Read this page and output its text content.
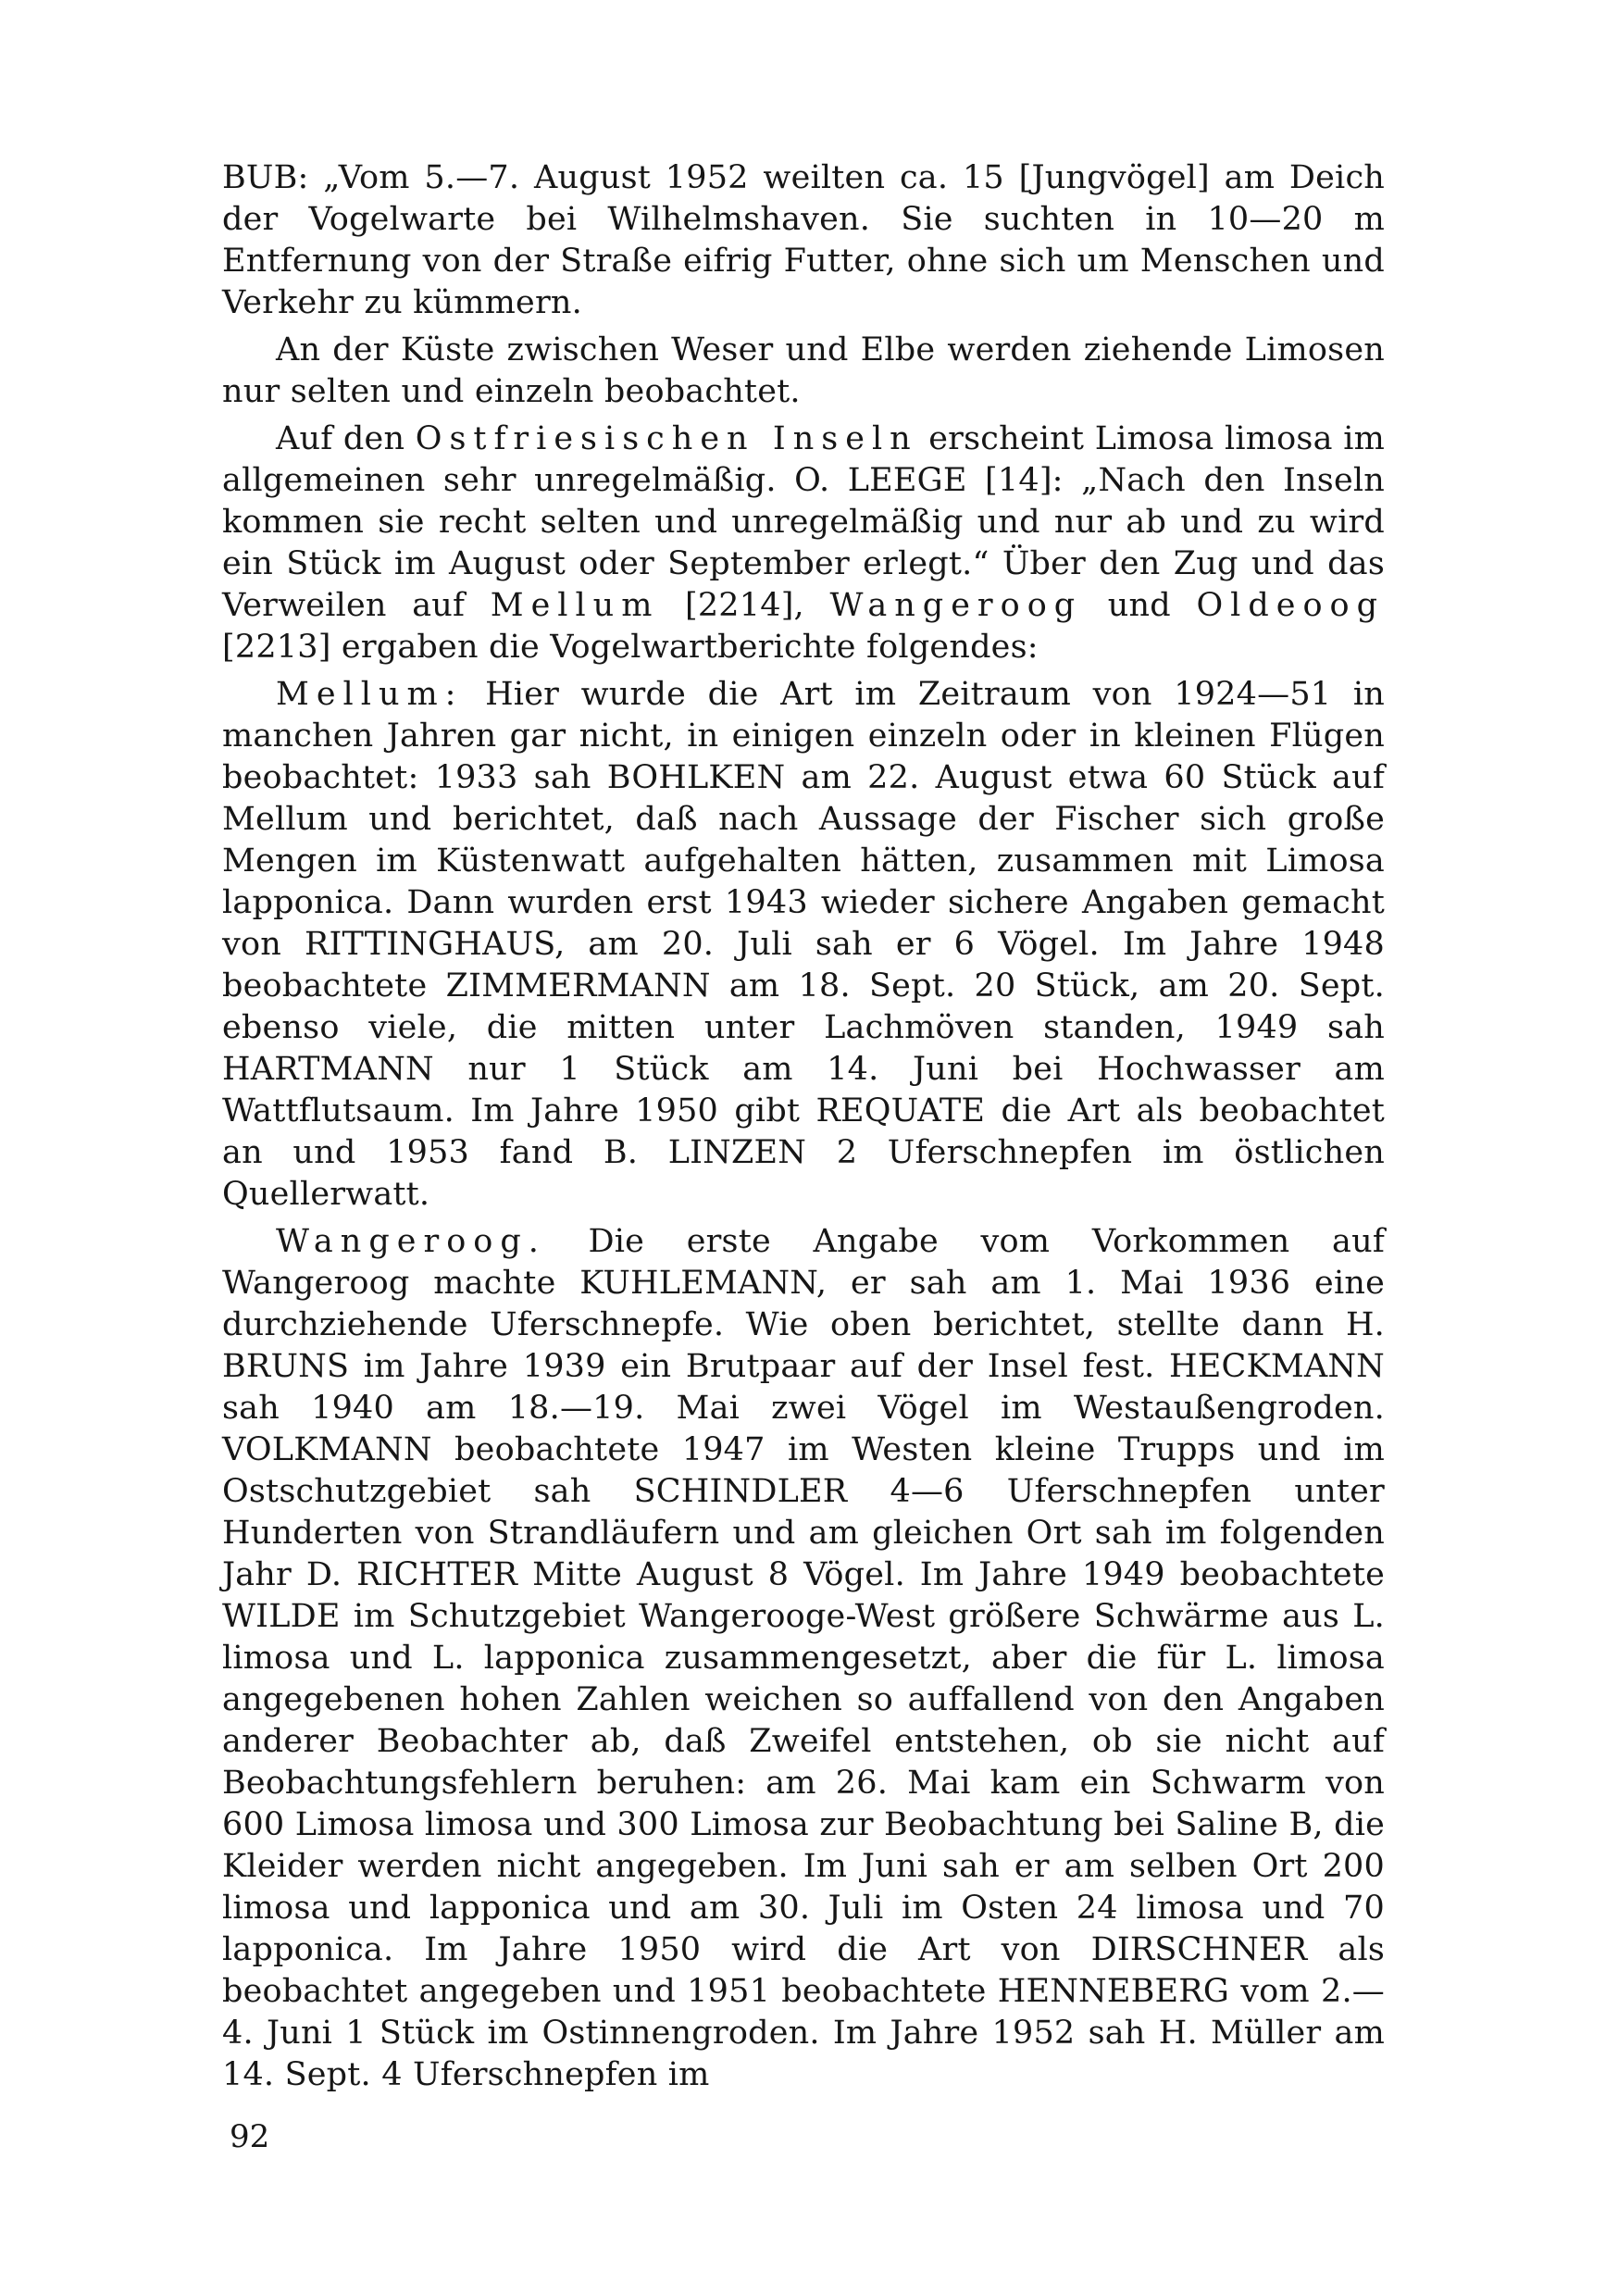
BUB: „Vom 5.—7. August 1952 weilten ca. 15 [Jungvögel] am Deich der Vogelwarte bei Wilhelmshaven. Sie suchten in 10—20 m Entfernung von der Straße eifrig Futter, ohne sich um Menschen und Verkehr zu kümmern.

An der Küste zwischen Weser und Elbe werden ziehende Limosen nur selten und einzeln beobachtet.

Auf den Ostfriesischen Inseln erscheint Limosa limosa im allgemeinen sehr unregelmäßig. O. LEEGE [14]: „Nach den Inseln kommen sie recht selten und unregelmäßig und nur ab und zu wird ein Stück im August oder September erlegt.“ Über den Zug und das Verweilen auf Mellum [2214], Wangeroog und Oldeoog [2213] ergaben die Vogelwartberichte folgendes:

Mellum: Hier wurde die Art im Zeitraum von 1924—51 in manchen Jahren gar nicht, in einigen einzeln oder in kleinen Flügen beobachtet: 1933 sah BOHLKEN am 22. August etwa 60 Stück auf Mellum und berichtet, daß nach Aussage der Fischer sich große Mengen im Küstenwatt aufgehalten hätten, zusammen mit Limosa lapponica. Dann wurden erst 1943 wieder sichere Angaben gemacht von RITTINGHAUS, am 20. Juli sah er 6 Vögel. Im Jahre 1948 beobachtete ZIMMERMANN am 18. Sept. 20 Stück, am 20. Sept. ebenso viele, die mitten unter Lachmöven standen, 1949 sah HARTMANN nur 1 Stück am 14. Juni bei Hochwasser am Wattflutsaum. Im Jahre 1950 gibt REQUATE die Art als beobachtet an und 1953 fand B. LINZEN 2 Uferschnepfen im östlichen Quellerwatt.

Wangeroog. Die erste Angabe vom Vorkommen auf Wangeroog machte KUHLEMANN, er sah am 1. Mai 1936 eine durchziehende Uferschnepfe. Wie oben berichtet, stellte dann H. BRUNS im Jahre 1939 ein Brutpaar auf der Insel fest. HECKMANN sah 1940 am 18.—19. Mai zwei Vögel im Westaußengroden. VOLKMANN beobachtete 1947 im Westen kleine Trupps und im Ostschutzgebiet sah SCHINDLER 4—6 Uferschnepfen unter Hunderten von Strandläufern und am gleichen Ort sah im folgenden Jahr D. RICHTER Mitte August 8 Vögel. Im Jahre 1949 beobachtete WILDE im Schutzgebiet Wangerooge-West größere Schwärme aus L. limosa und L. lapponica zusammengesetzt, aber die für L. limosa angegebenen hohen Zahlen weichen so auffallend von den Angaben anderer Beobachter ab, daß Zweifel entstehen, ob sie nicht auf Beobachtungsfehlern beruhen: am 26. Mai kam ein Schwarm von 600 Limosa limosa und 300 Limosa zur Beobachtung bei Saline B, die Kleider werden nicht angegeben. Im Juni sah er am selben Ort 200 limosa und lapponica und am 30. Juli im Osten 24 limosa und 70 lapponica. Im Jahre 1950 wird die Art von DIRSCHNER als beobachtet angegeben und 1951 beobachtete HENNEBERG vom 2.—4. Juni 1 Stück im Ostinnengroden. Im Jahre 1952 sah H. Müller am 14. Sept. 4 Uferschnepfen im

92
